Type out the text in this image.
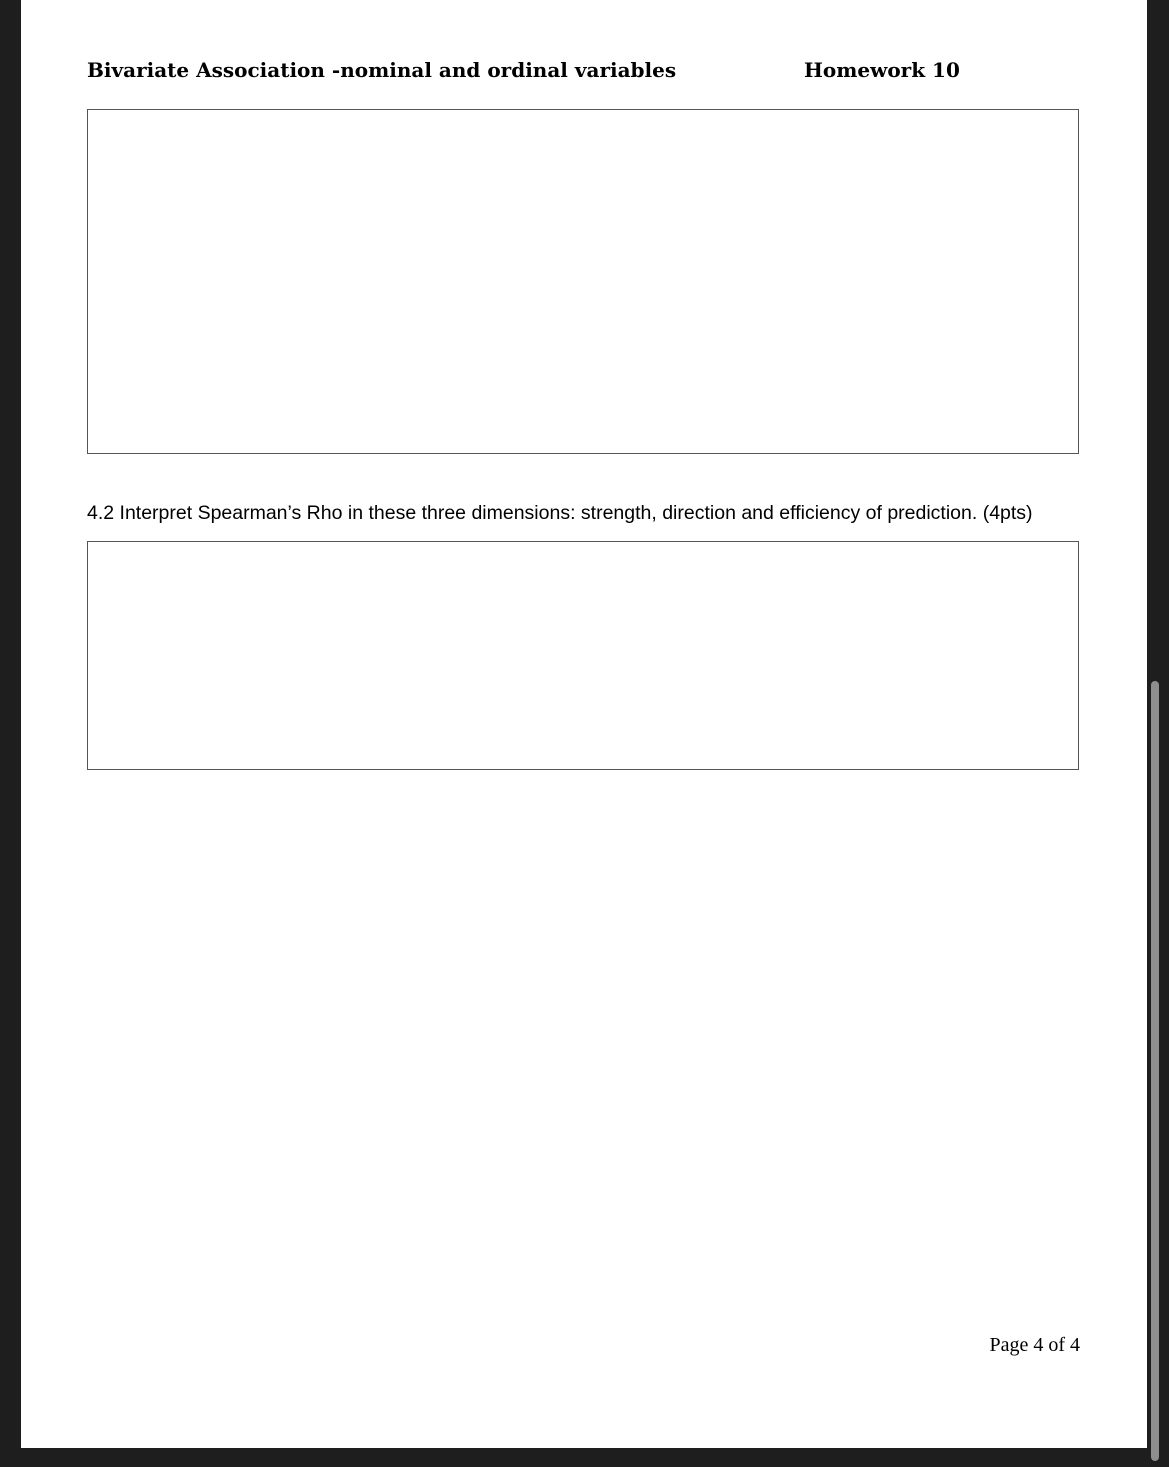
Bivariate Association -nominal and ordinal variables	Homework 10
4.2 Interpret Spearman’s Rho in these three dimensions: strength, direction and efficiency of prediction. (4pts)
Page 4 of 4
